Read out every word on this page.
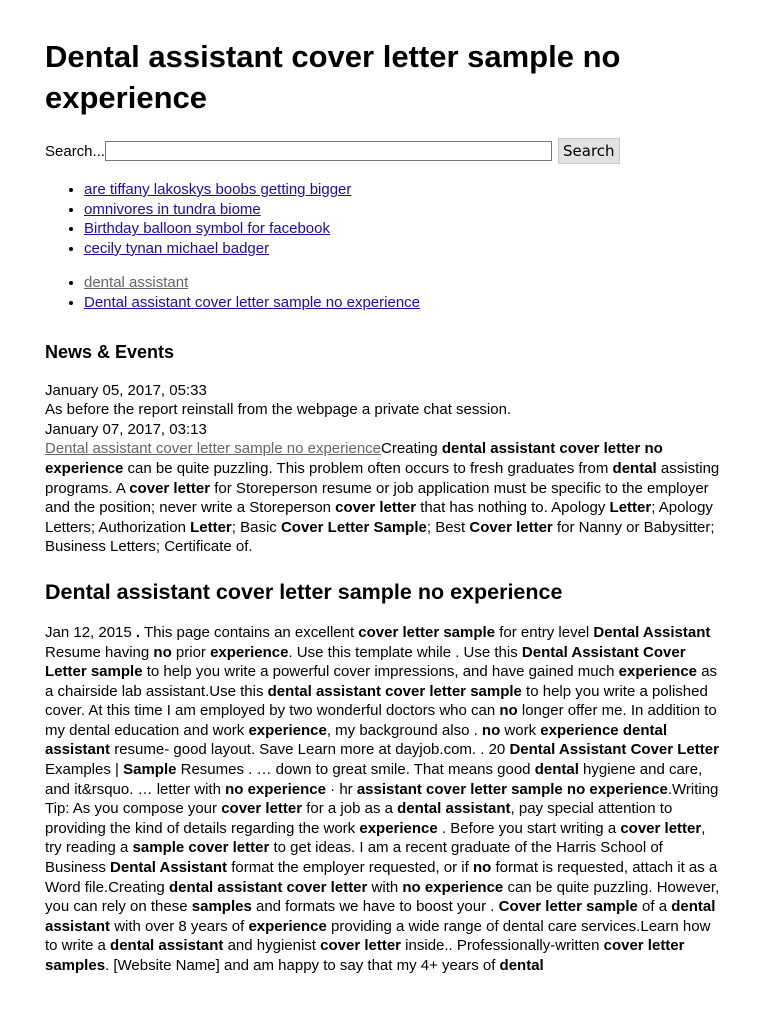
Dental assistant cover letter sample no experience
Search...	Search
• are tiffany lakoskys boobs getting bigger
• omnivores in tundra biome
• Birthday balloon symbol for facebook
• cecily tynan michael badger
• dental assistant
• Dental assistant cover letter sample no experience
News & Events

January 05, 2017, 05:33

As before the report reinstall from the webpage a private chat session.

January 07, 2017, 03:13

Dental assistant cover letter sample no experienceCreating dental assistant cover letter no experience can be quite puzzling. This problem often occurs to fresh graduates from dental assisting programs. A cover letter for Storeperson resume or job application must be specific to the employer and the position; never write a Storeperson cover letter that has nothing to. Apology Letter; Apology Letters; Authorization Letter; Basic Cover Letter Sample; Best Cover letter for Nanny or Babysitter; Business Letters; Certificate of.

Dental assistant cover letter sample no experience

Jan 12, 2015 . This page contains an excellent cover letter sample for entry level Dental Assistant Resume having no prior experience. Use this template while . Use this Dental Assistant Cover Letter sample to help you write a powerful cover impressions, and have gained much experience as a chairside lab assistant.Use this dental assistant cover letter sample to help you write a polished cover. At this time I am employed by two wonderful doctors who can no longer offer me. In addition to my dental education and work experience, my background also . no work experience dental assistant resume- good layout. Save Learn more at dayjob.com. . 20 Dental Assistant Cover Letter Examples | Sample Resumes . … down to great smile. That means good dental hygiene and care, and it&rsquo. … letter with no experience · hr assistant cover letter sample no experience.Writing Tip: As you compose your cover letter for a job as a dental assistant, pay special attention to providing the kind of details regarding the work experience . Before you start writing a cover letter, try reading a sample cover letter to get ideas. I am a recent graduate of the Harris School of Business Dental Assistant format the employer requested, or if no format is requested, attach it as a Word file.Creating dental assistant cover letter with no experience can be quite puzzling. However, you can rely on these samples and formats we have to boost your . Cover letter sample of a dental assistant with over 8 years of experience providing a wide range of dental care services.Learn how to write a dental assistant and hygienist cover letter inside.. Professionally-written cover letter samples. [Website Name] and am happy to say that my 4+ years of dental
